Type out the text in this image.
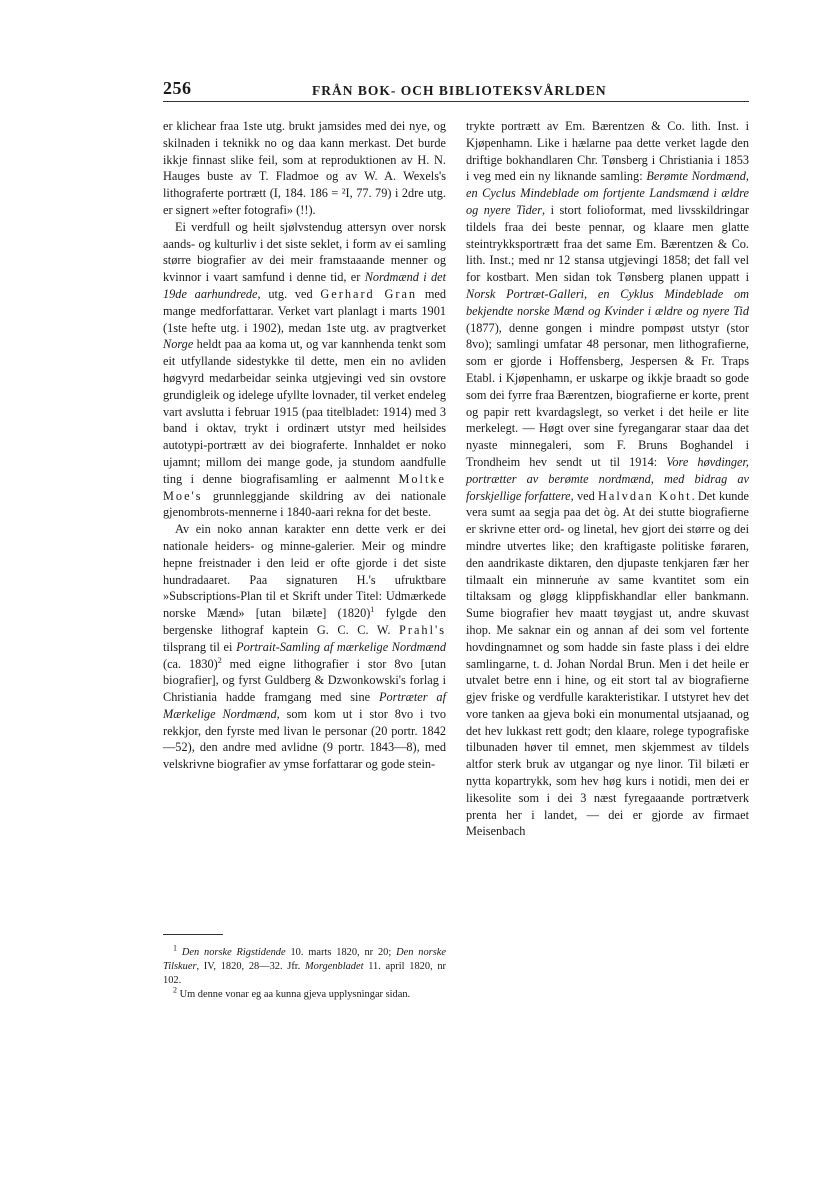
256	FRÅN BOK- OCH BIBLIOTEKSVÅRLDEN

er klichear fraa 1ste utg. brukt jamsides med dei nye, og skilnaden i teknikk no og daa kann merkast. Det burde ikkje finnast slike feil, som at reproduktionen av H. N. Hauges buste av T. Fladmoe og av W. A. Wexels's lithograferte portrætt (I, 184. 186 = ²I, 77. 79) i 2dre utg. er signert »efter fotografi» (!!).

Ei verdfull og heilt sjølvstendug attersyn over norsk aands- og kulturliv i det siste seklet, i form av ei samling større biografier av dei meir framstaaande menner og kvinnor i vaart samfund i denne tid, er Nordmænd i det 19de aarhundrede, utg. ved Gerhard Gran med mange medforfattarar. Verket vart planlagt i marts 1901 (1ste hefte utg. i 1902), medan 1ste utg. av pragtverket Norge heldt paa aa koma ut, og var kannhenda tenkt som eit utfyllande sidestykke til dette, men ein no avliden høgvyrd medarbeidar seinka utgjevingi ved sin ovstore grundigleik og idelege ufyllte lovnader, til verket endeleg vart avslutta i februar 1915 (paa titelbladet: 1914) med 3 band i oktav, trykt i ordinært utstyr med heilsides autotypi-portrætt av dei biograferte. Innhaldet er noko ujamnt; millom dei mange gode, ja stundom aandfulle ting i denne biografisamling er aalmennt Moltke Moe's grunnleggjande skildring av dei nationale gjenombrots-mennerne i 1840-aari rekna for det beste.

Av ein noko annan karakter enn dette verk er dei nationale heiders- og minne-galerier. Meir og mindre hepne freistnader i den leid er ofte gjorde i det siste hundradaaret. Paa signaturen H.'s ufruktbare »Subscriptions-Plan til et Skrift under Titel: Udmærkede norske Mænd» [utan bilæte] $(1820)^1$ fylgde den bergenske lithograf kaptein G. C. C. W. Prahl's tilsprang til ei Portrait-Samling af mærkelige Nordmænd (ca. 1830)$^2$ med eigne lithografier i stor 8vo [utan biografier], og fyrst Guldberg & Dzwonkowski's forlag i Christiania hadde framgang med sine Portræter af Mærkelige Nordmænd, som kom ut i stor 8vo i tvo rekkjor, den fyrste med livan le personar (20 portr. 1842—52), den andre med avlidne (9 portr. 1843—8), med velskrivne biografier av ymse forfattarar og gode stein-

$^1$ Den norske Rigstidende 10. marts 1820, nr 20; Den norske Tilskuer, IV, 1820, 28—32. Jfr. Morgenbladet 11. april 1820, nr 102.

$^2$ Um denne vonar eg aa kunna gjeva upplysningar sidan.

trykte portrætt av Em. Bærentzen & Co. lith. Inst. i Kjøpenhamn. Like i hælarne paa dette verket lagde den driftige bokhandlaren Chr. Tønsberg i Christiania i 1853 i veg med ein ny liknande samling: Berømte Nordmænd, en Cyclus Mindeblade om fortjente Landsmænd i ældre og nyere Tider, i stort folioformat, med livsskildringar tildels fraa dei beste pennar, og klaare men glatte steintrykksportrætt fraa det same Em. Bærentzen & Co. lith. Inst.; med nr 12 stansa utgjevingi 1858; det fall vel for kostbart. Men sidan tok Tønsberg planen uppatt i Norsk Portræt-Galleri, en Cyklus Mindeblade om bekjendte norske Mænd og Kvinder i ældre og nyere Tid (1877), denne gongen i mindre pompøst utstyr (stor 8vo); samlingi umfatar 48 personar, men lithografierne, som er gjorde i Hoffensberg, Jespersen & Fr. Traps Etabl. i Kjøpenhamn, er uskarpe og ikkje braadt so gode som dei fyrre fraa Bærentzen, biografierne er korte, prent og papir rett kvardagslegt, so verket i det heile er lite merkelegt. — Høgt over sine fyregangarar staar daa det nyaste minnegaleri, som F. Bruns Boghandel i Trondheim hev sendt ut til 1914: Vore høvdinger, portrætter av berømte nordmænd, med bidrag av forskjellige forfattere, ved Halvdan Koht. Det kunde vera sumt aa segja paa det òg. At dei stutte biografierne er skrivne etter ord- og linetal, hev gjort dei større og dei mindre utvertes like; den kraftigaste politiske føraren, den aandrikaste diktaren, den djupaste tenkjaren fær her tilmaalt ein minneruṅe av same kvantitet som ein tiltaksam og gløgg klippfiskhandlar eller bankmann. Sume biografier hev maatt tøygjast ut, andre skuvast ihop. Me saknar ein og annan af dei som vel fortente hovdingnamnet og som hadde sin faste plass i dei eldre samlingarne, t. d. Johan Nordal Brun. Men i det heile er utvalet betre enn i hine, og eit stort tal av biografierne gjev friske og verdfulle karakteristikar. I utstyret hev det vore tanken aa gjeva boki ein monumental utsjaanad, og det hev lukkast rett godt; den klaare, rolege typografiske tilbunaden høver til emnet, men skjemmest av tildels altfor sterk bruk av utgangar og nye linor. Til bilæti er nytta kopartrykk, som hev høg kurs i notidi, men dei er likesolite som i dei 3 næst fyregaaande portrætverk prenta her i landet, — dei er gjorde av firmaet Meisenbach
